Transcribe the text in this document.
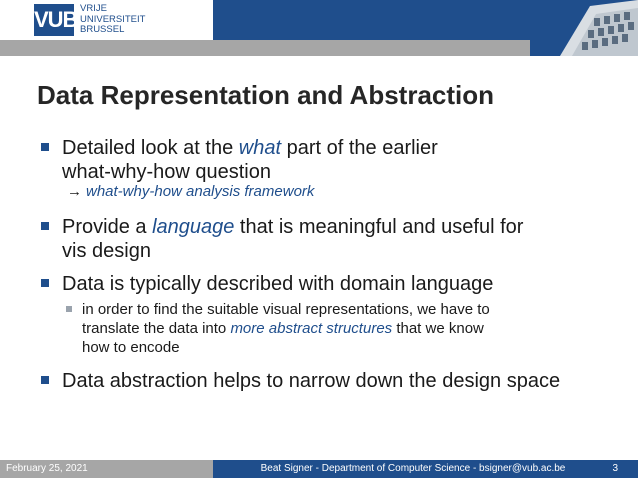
VUB VRIJE
UNIVERSITEIT
BRUSSEL
Data Representation and Abstraction
Detailed look at the what part of the earlier
what-why-how question
→ what-why-how analysis framework
Provide a language that is meaningful and useful for
vis design
Data is typically described with domain language
in order to find the suitable visual representations, we have to
translate the data into more abstract structures that we know
how to encode
Data abstraction helps to narrow down the design space
February 25, 2021	Beat Signer - Department of Computer Science - bsigner@vub.ac.be	3
